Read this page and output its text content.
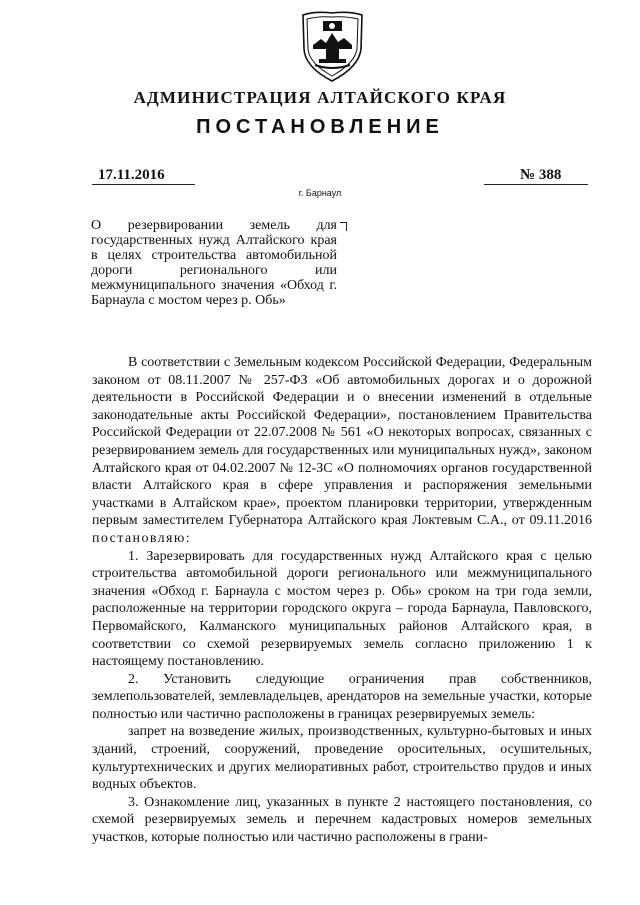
АДМИНИСТРАЦИЯ АЛТАЙСКОГО КРАЯ
ПОСТАНОВЛЕНИЕ
17.11.2016	№ 388
г. Барнаул

О резервировании земель для государственных нужд Алтайского края в целях строительства автомобильной дороги регионального или межмуниципального значения «Обход г. Барнаула с мостом через р. Обь»

В соответствии с Земельным кодексом Российской Федерации, Федеральным законом от 08.11.2007 № 257-ФЗ «Об автомобильных дорогах и о дорожной деятельности в Российской Федерации и о внесении изменений в отдельные законодательные акты Российской Федерации», постановлением Правительства Российской Федерации от 22.07.2008 № 561 «О некоторых вопросах, связанных с резервированием земель для государственных или муниципальных нужд», законом Алтайского края от 04.02.2007 № 12-ЗС «О полномочиях органов государственной власти Алтайского края в сфере управления и распоряжения земельными участками в Алтайском крае», проектом планировки территории, утвержденным первым заместителем Губернатора Алтайского края Локтевым С.А., от 09.11.2016 постановляю:

1. Зарезервировать для государственных нужд Алтайского края с целью строительства автомобильной дороги регионального или межмуниципального значения «Обход г. Барнаула с мостом через р. Обь» сроком на три года земли, расположенные на территории городского округа – города Барнаула, Павловского, Первомайского, Калманского муниципальных районов Алтайского края, в соответствии со схемой резервируемых земель согласно приложению 1 к настоящему постановлению.

2. Установить следующие ограничения прав собственников, землепользователей, землевладельцев, арендаторов на земельные участки, которые полностью или частично расположены в границах резервируемых земель:

запрет на возведение жилых, производственных, культурно-бытовых и иных зданий, строений, сооружений, проведение оросительных, осушительных, культуртехнических и других мелиоративных работ, строительство прудов и иных водных объектов.

3. Ознакомление лиц, указанных в пункте 2 настоящего постановления, со схемой резервируемых земель и перечнем кадастровых номеров земельных участков, которые полностью или частично расположены в грани-
